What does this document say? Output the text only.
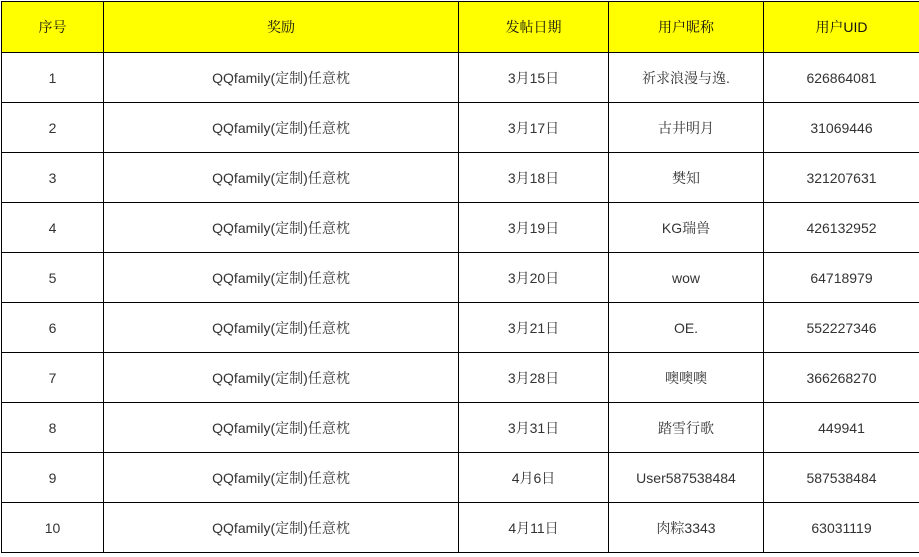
序号	奖励	发帖日期	用户昵称	用户UID
1	QQfamily(定制)任意枕	3月15日	祈求浪漫与逸.	626864081
2	QQfamily(定制)任意枕	3月17日	古井明月	31069446
3	QQfamily(定制)任意枕	3月18日	樊知	321207631
4	QQfamily(定制)任意枕	3月19日	KG瑞兽	426132952
5	QQfamily(定制)任意枕	3月20日	wow	64718979
6	QQfamily(定制)任意枕	3月21日	OE.	552227346
7	QQfamily(定制)任意枕	3月28日	噢噢噢	366268270
8	QQfamily(定制)任意枕	3月31日	踏雪行歌	449941
9	QQfamily(定制)任意枕	4月6日	User587538484	587538484
10	QQfamily(定制)任意枕	4月11日	肉粽3343	63031119
